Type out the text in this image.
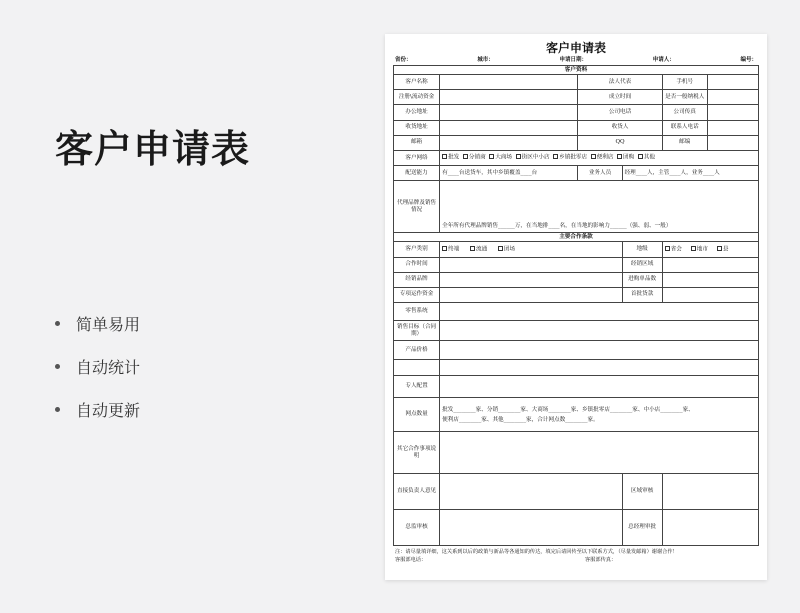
客户申请表
简单易用
自动统计
自动更新
客户申请表
省份：	城市：	申请日期：	申请人：	编号：
客户资料					
客户名称		法人代表		手机号	
注册\流动资金		成立时间		是否一般纳税人	
办公地址		公司电话		公司传真	
收货地址		收货人		联系人电话	
邮箱		QQ		邮编	
客户网络	批发 分销商 大商场 街区中小店 乡镇批零店 便利店 团购 其他				
配送能力	有____台送货车，其中乡镇覆盖____台	业务人员	经理____人，主管____人，业务____人		
代理品牌及销售情况	全年所有代理品牌销售______万，在当地排____名，在当地的影响力______（强、弱、一般）				
主要合作条款					
客户类别	终端 流通 团场		地级	省会 地市 县	
合作时间			经销区域		
经销品牌			进购单品数		
专项运作资金			首批货款		
零售系统					
销售目标（合同期）					
产品价格					

专人配置					
网点数量	批发________家、分销________家、大商场________家、乡镇批零店________家、中小店________家、
便利店________家、其他________家，合计网点数________家。				

其它合作事项说明					
直接负责人意见			区域审核		
总监审核			总经理审批		
注：请尽量填详细，这关系到以后的政策与新品等各通知的传达，填完后请回传至以下联系方式，（尽量发邮箱）谢谢合作！
客服部电话：	客服部传真：
